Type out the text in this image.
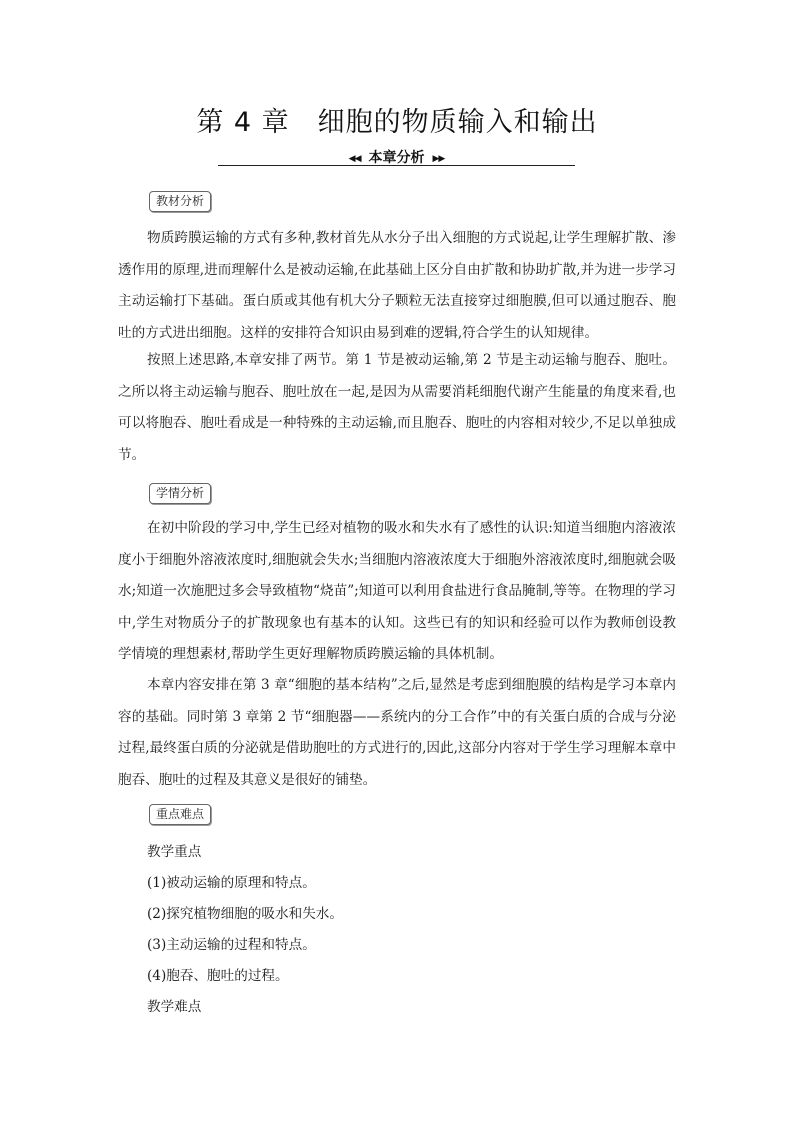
第 4 章　细胞的物质输入和输出
◀◀ 本章分析 ▶▶
教材分析

物质跨膜运输的方式有多种,教材首先从水分子出入细胞的方式说起,让学生理解扩散、渗透作用的原理,进而理解什么是被动运输,在此基础上区分自由扩散和协助扩散,并为进一步学习主动运输打下基础。蛋白质或其他有机大分子颗粒无法直接穿过细胞膜,但可以通过胞吞、胞吐的方式进出细胞。这样的安排符合知识由易到难的逻辑,符合学生的认知规律。

按照上述思路,本章安排了两节。第 1 节是被动运输,第 2 节是主动运输与胞吞、胞吐。之所以将主动运输与胞吞、胞吐放在一起,是因为从需要消耗细胞代谢产生能量的角度来看,也可以将胞吞、胞吐看成是一种特殊的主动运输,而且胞吞、胞吐的内容相对较少,不足以单独成节。

学情分析

在初中阶段的学习中,学生已经对植物的吸水和失水有了感性的认识:知道当细胞内溶液浓度小于细胞外溶液浓度时,细胞就会失水;当细胞内溶液浓度大于细胞外溶液浓度时,细胞就会吸水;知道一次施肥过多会导致植物“烧苗”;知道可以利用食盐进行食品腌制,等等。在物理的学习中,学生对物质分子的扩散现象也有基本的认知。这些已有的知识和经验可以作为教师创设教学情境的理想素材,帮助学生更好理解物质跨膜运输的具体机制。

本章内容安排在第 3 章“细胞的基本结构”之后,显然是考虑到细胞膜的结构是学习本章内容的基础。同时第 3 章第 2 节“细胞器——系统内的分工合作”中的有关蛋白质的合成与分泌过程,最终蛋白质的分泌就是借助胞吐的方式进行的,因此,这部分内容对于学生学习理解本章中胞吞、胞吐的过程及其意义是很好的铺垫。

重点难点
教学重点
(1)被动运输的原理和特点。
(2)探究植物细胞的吸水和失水。
(3)主动运输的过程和特点。
(4)胞吞、胞吐的过程。
教学难点
